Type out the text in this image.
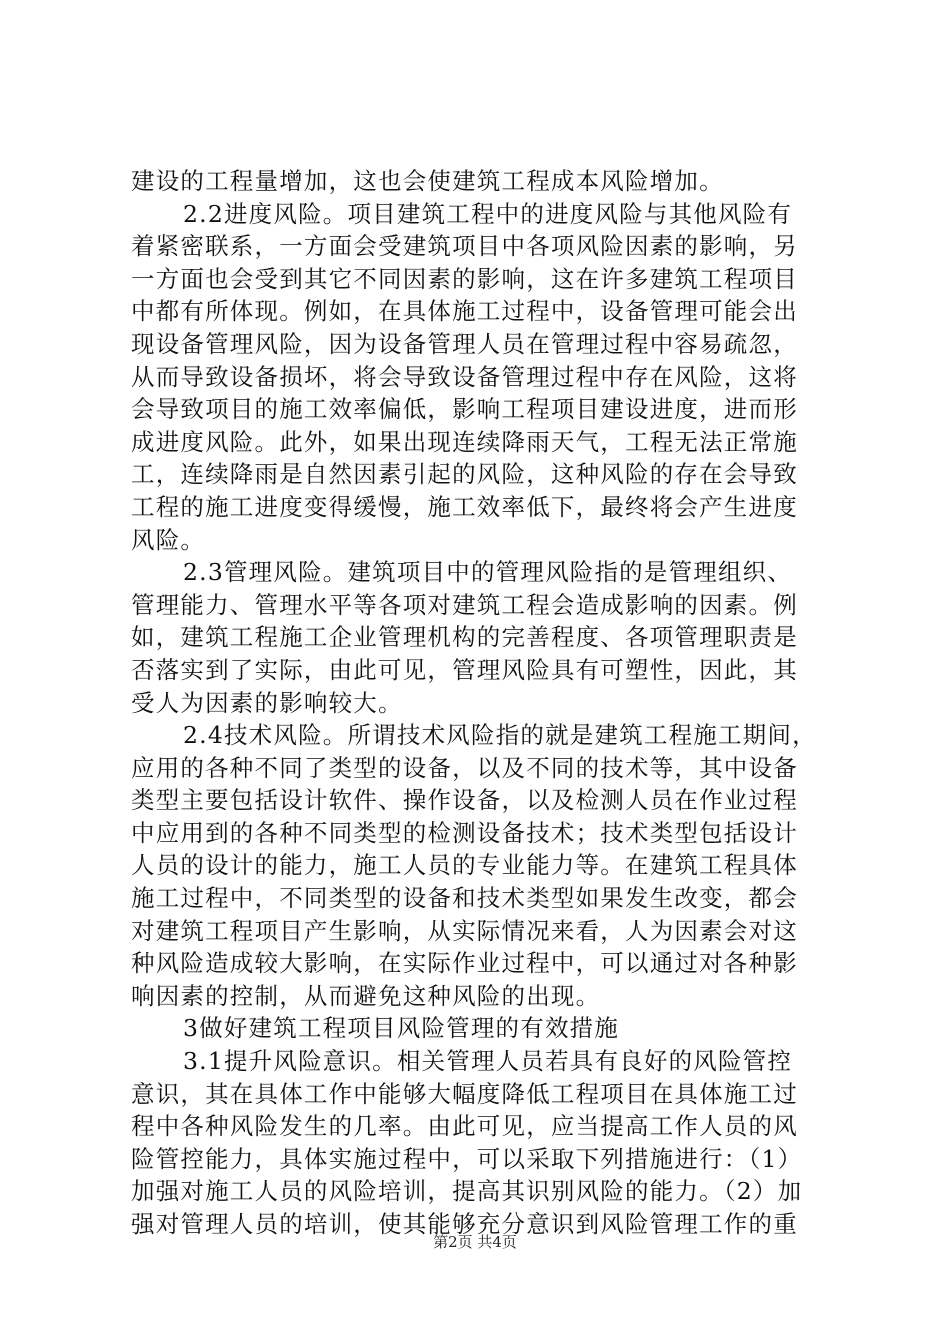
建设的工程量增加，这也会使建筑工程成本风险增加。
2.2进度风险。项目建筑工程中的进度风险与其他风险有
着紧密联系，一方面会受建筑项目中各项风险因素的影响，另
一方面也会受到其它不同因素的影响，这在许多建筑工程项目
中都有所体现。例如，在具体施工过程中，设备管理可能会出
现设备管理风险，因为设备管理人员在管理过程中容易疏忽，
从而导致设备损坏，将会导致设备管理过程中存在风险，这将
会导致项目的施工效率偏低，影响工程项目建设进度，进而形
成进度风险。此外，如果出现连续降雨天气，工程无法正常施
工，连续降雨是自然因素引起的风险，这种风险的存在会导致
工程的施工进度变得缓慢，施工效率低下，最终将会产生进度
风险。
2.3管理风险。建筑项目中的管理风险指的是管理组织、
管理能力、管理水平等各项对建筑工程会造成影响的因素。例
如，建筑工程施工企业管理机构的完善程度、各项管理职责是
否落实到了实际，由此可见，管理风险具有可塑性，因此，其
受人为因素的影响较大。
2.4技术风险。所谓技术风险指的就是建筑工程施工期间，
应用的各种不同了类型的设备，以及不同的技术等，其中设备
类型主要包括设计软件、操作设备，以及检测人员在作业过程
中应用到的各种不同类型的检测设备技术；技术类型包括设计
人员的设计的能力，施工人员的专业能力等。在建筑工程具体
施工过程中，不同类型的设备和技术类型如果发生改变，都会
对建筑工程项目产生影响，从实际情况来看，人为因素会对这
种风险造成较大影响，在实际作业过程中，可以通过对各种影
响因素的控制，从而避免这种风险的出现。
3做好建筑工程项目风险管理的有效措施
3.1提升风险意识。相关管理人员若具有良好的风险管控
意识，其在具体工作中能够大幅度降低工程项目在具体施工过
程中各种风险发生的几率。由此可见，应当提高工作人员的风
险管控能力，具体实施过程中，可以采取下列措施进行：（1）
加强对施工人员的风险培训，提高其识别风险的能力。（2）加
强对管理人员的培训，使其能够充分意识到风险管理工作的重
第2页 共4页
